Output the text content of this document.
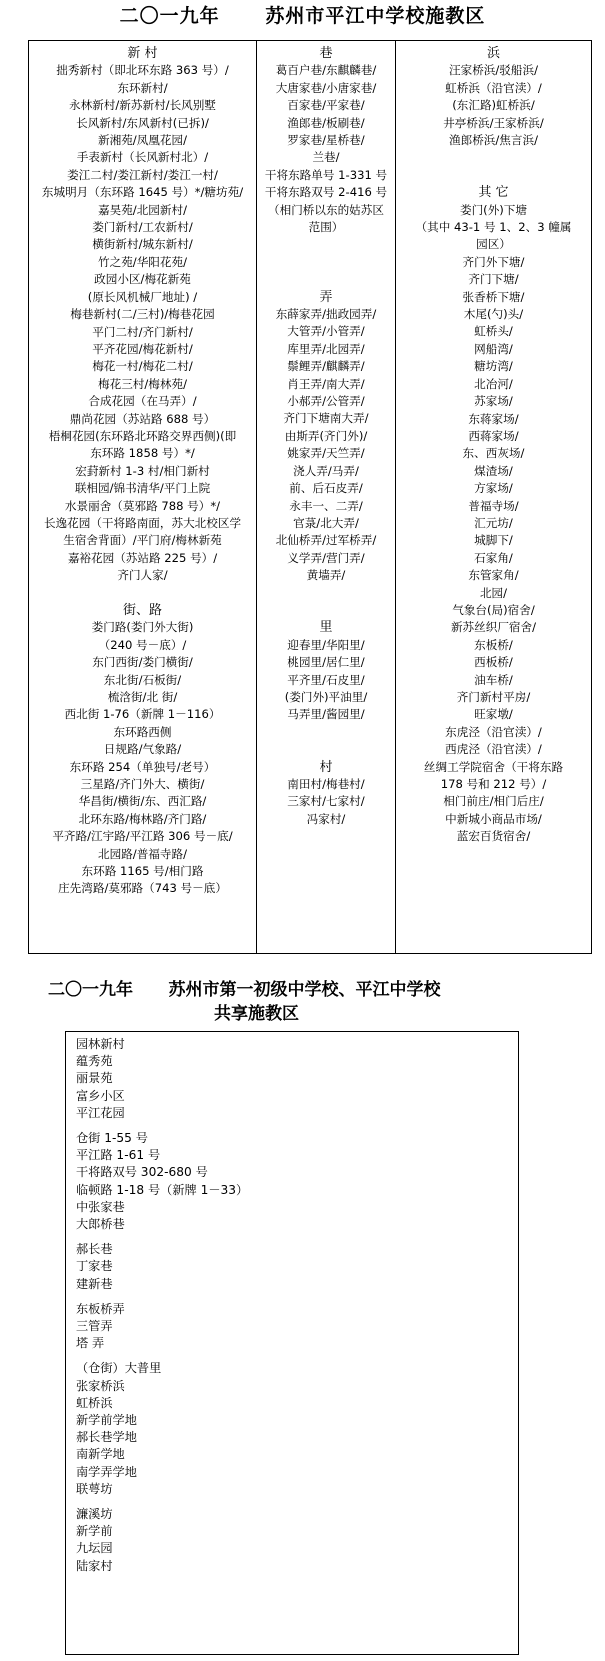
二〇一九年      苏州市平江中学校施教区
新 村
拙秀新村（即北环东路 363 号）/
东环新村/
永林新村/新苏新村/长风别墅
长风新村/东风新村(已拆)/
新湘苑/凤凰花园/
手表新村（长风新村北）/
娄江二村/娄江新村/娄江一村/
东城明月（东环路 1645 号）*/糖坊苑/
嘉昊苑/北园新村/
娄门新村/工农新村/
横街新村/城东新村/
竹之苑/华阳花苑/
政园小区/梅花新苑
(原长风机械厂地址) /
梅巷新村(二/三村)/梅巷花园
平门二村/齐门新村/
平齐花园/梅花新村/
梅花一村/梅花二村/
梅花三村/梅林苑/
合成花园（在马弄）/
鼎尚花园（苏站路 688 号）
梧桐花园(东环路北环路交界西侧)(即
东环路 1858 号）*/
宏葑新村 1-3 村/相门新村
联相园/锦书清华/平门上院
水景丽舍（莫邪路 788 号）*/
长逸花园（干将路南面，苏大北校区学
生宿舍背面）/平门府/梅林新苑
嘉裕花园（苏站路 225 号）/
齐门人家/
街、路
娄门路(娄门外大街)
（240 号－底）/
东门西街/娄门横街/
东北街/石板街/
梳浛街/北 街/
西北街 1-76（新牌 1－116）
东环路西侧
日规路/气象路/
东环路 254（单独号/老号）
三星路/齐门外大、横街/
华昌街/横街/东、西汇路/
北环东路/梅林路/齐门路/
平齐路/江宇路/平江路 306 号－底/
北园路/普福寺路/
东环路 1165 号/相门路
庄先湾路/莫邪路（743 号－底）
巷
葛百户巷/东麒麟巷/
大唐家巷/小唐家巷/
百家巷/平家巷/
渔郎巷/板刷巷/
罗家巷/星桥巷/
兰巷/
干将东路单号 1-331 号
干将东路双号 2-416 号
（相门桥以东的姑苏区
范围）
弄
东薛家弄/拙政园弄/
大管弄/小管弄/
库里弄/北园弄/
鬃鲤弄/麒麟弄/
肖王弄/南大弄/
小郝弄/公管弄/
齐门下塘南大弄/
由斯弄(齐门外)/
姚家弄/天竺弄/
浇人弄/马弄/
前、后石皮弄/
永丰一、二弄/
官菉/北大弄/
北仙桥弄/过军桥弄/
义学弄/营门弄/
黄墙弄/
里
迎春里/华阳里/
桃园里/居仁里/
平齐里/石皮里/
(娄门外)平油里/
马弄里/酱园里/
村
南田村/梅巷村/
三家村/七家村/
冯家村/
浜
汪家桥浜/驳船浜/
虹桥浜（沿官渎）/
(东汇路)虹桥浜/
井亭桥浜/王家桥浜/
渔郎桥浜/焦言浜/
其 它
娄门(外)下塘
（其中 43-1 号 1、2、3 幢属
园区）
齐门外下塘/
齐门下塘/
张香桥下塘/
木尾(勺)头/
虹桥头/
网船湾/
糖坊湾/
北冶河/
苏家场/
东蒋家场/
西蒋家场/
东、西灰场/
煤渣场/
方家场/
普福寺场/
汇元坊/
城脚下/
石家角/
东管家角/
北园/
气象台(局)宿舍/
新苏丝织厂宿舍/
东板桥/
西板桥/
油车桥/
齐门新村平房/
旺家墩/
东虎泾（沿官渎）/
西虎泾（沿官渎）/
丝绸工学院宿舍（干将东路
178 号和 212 号）/
相门前庄/相门后庄/
中新城小商品市场/
蓝宏百货宿舍/
二〇一九年      苏州市第一初级中学校、平江中学校
共享施教区
园林新村
蕴秀苑
丽景苑
富乡小区
平江花园
仓街 1-55 号
平江路 1-61 号
干将路双号 302-680 号
临顿路 1-18 号（新牌 1－33）
中张家巷
大郎桥巷
郝长巷
丁家巷
建新巷
东板桥弄
三管弄
塔 弄
（仓街）大普里
张家桥浜
虹桥浜
新学前学地
郝长巷学地
南新学地
南学弄学地
联萼坊
濂溪坊
新学前
九坛园
陆家村
